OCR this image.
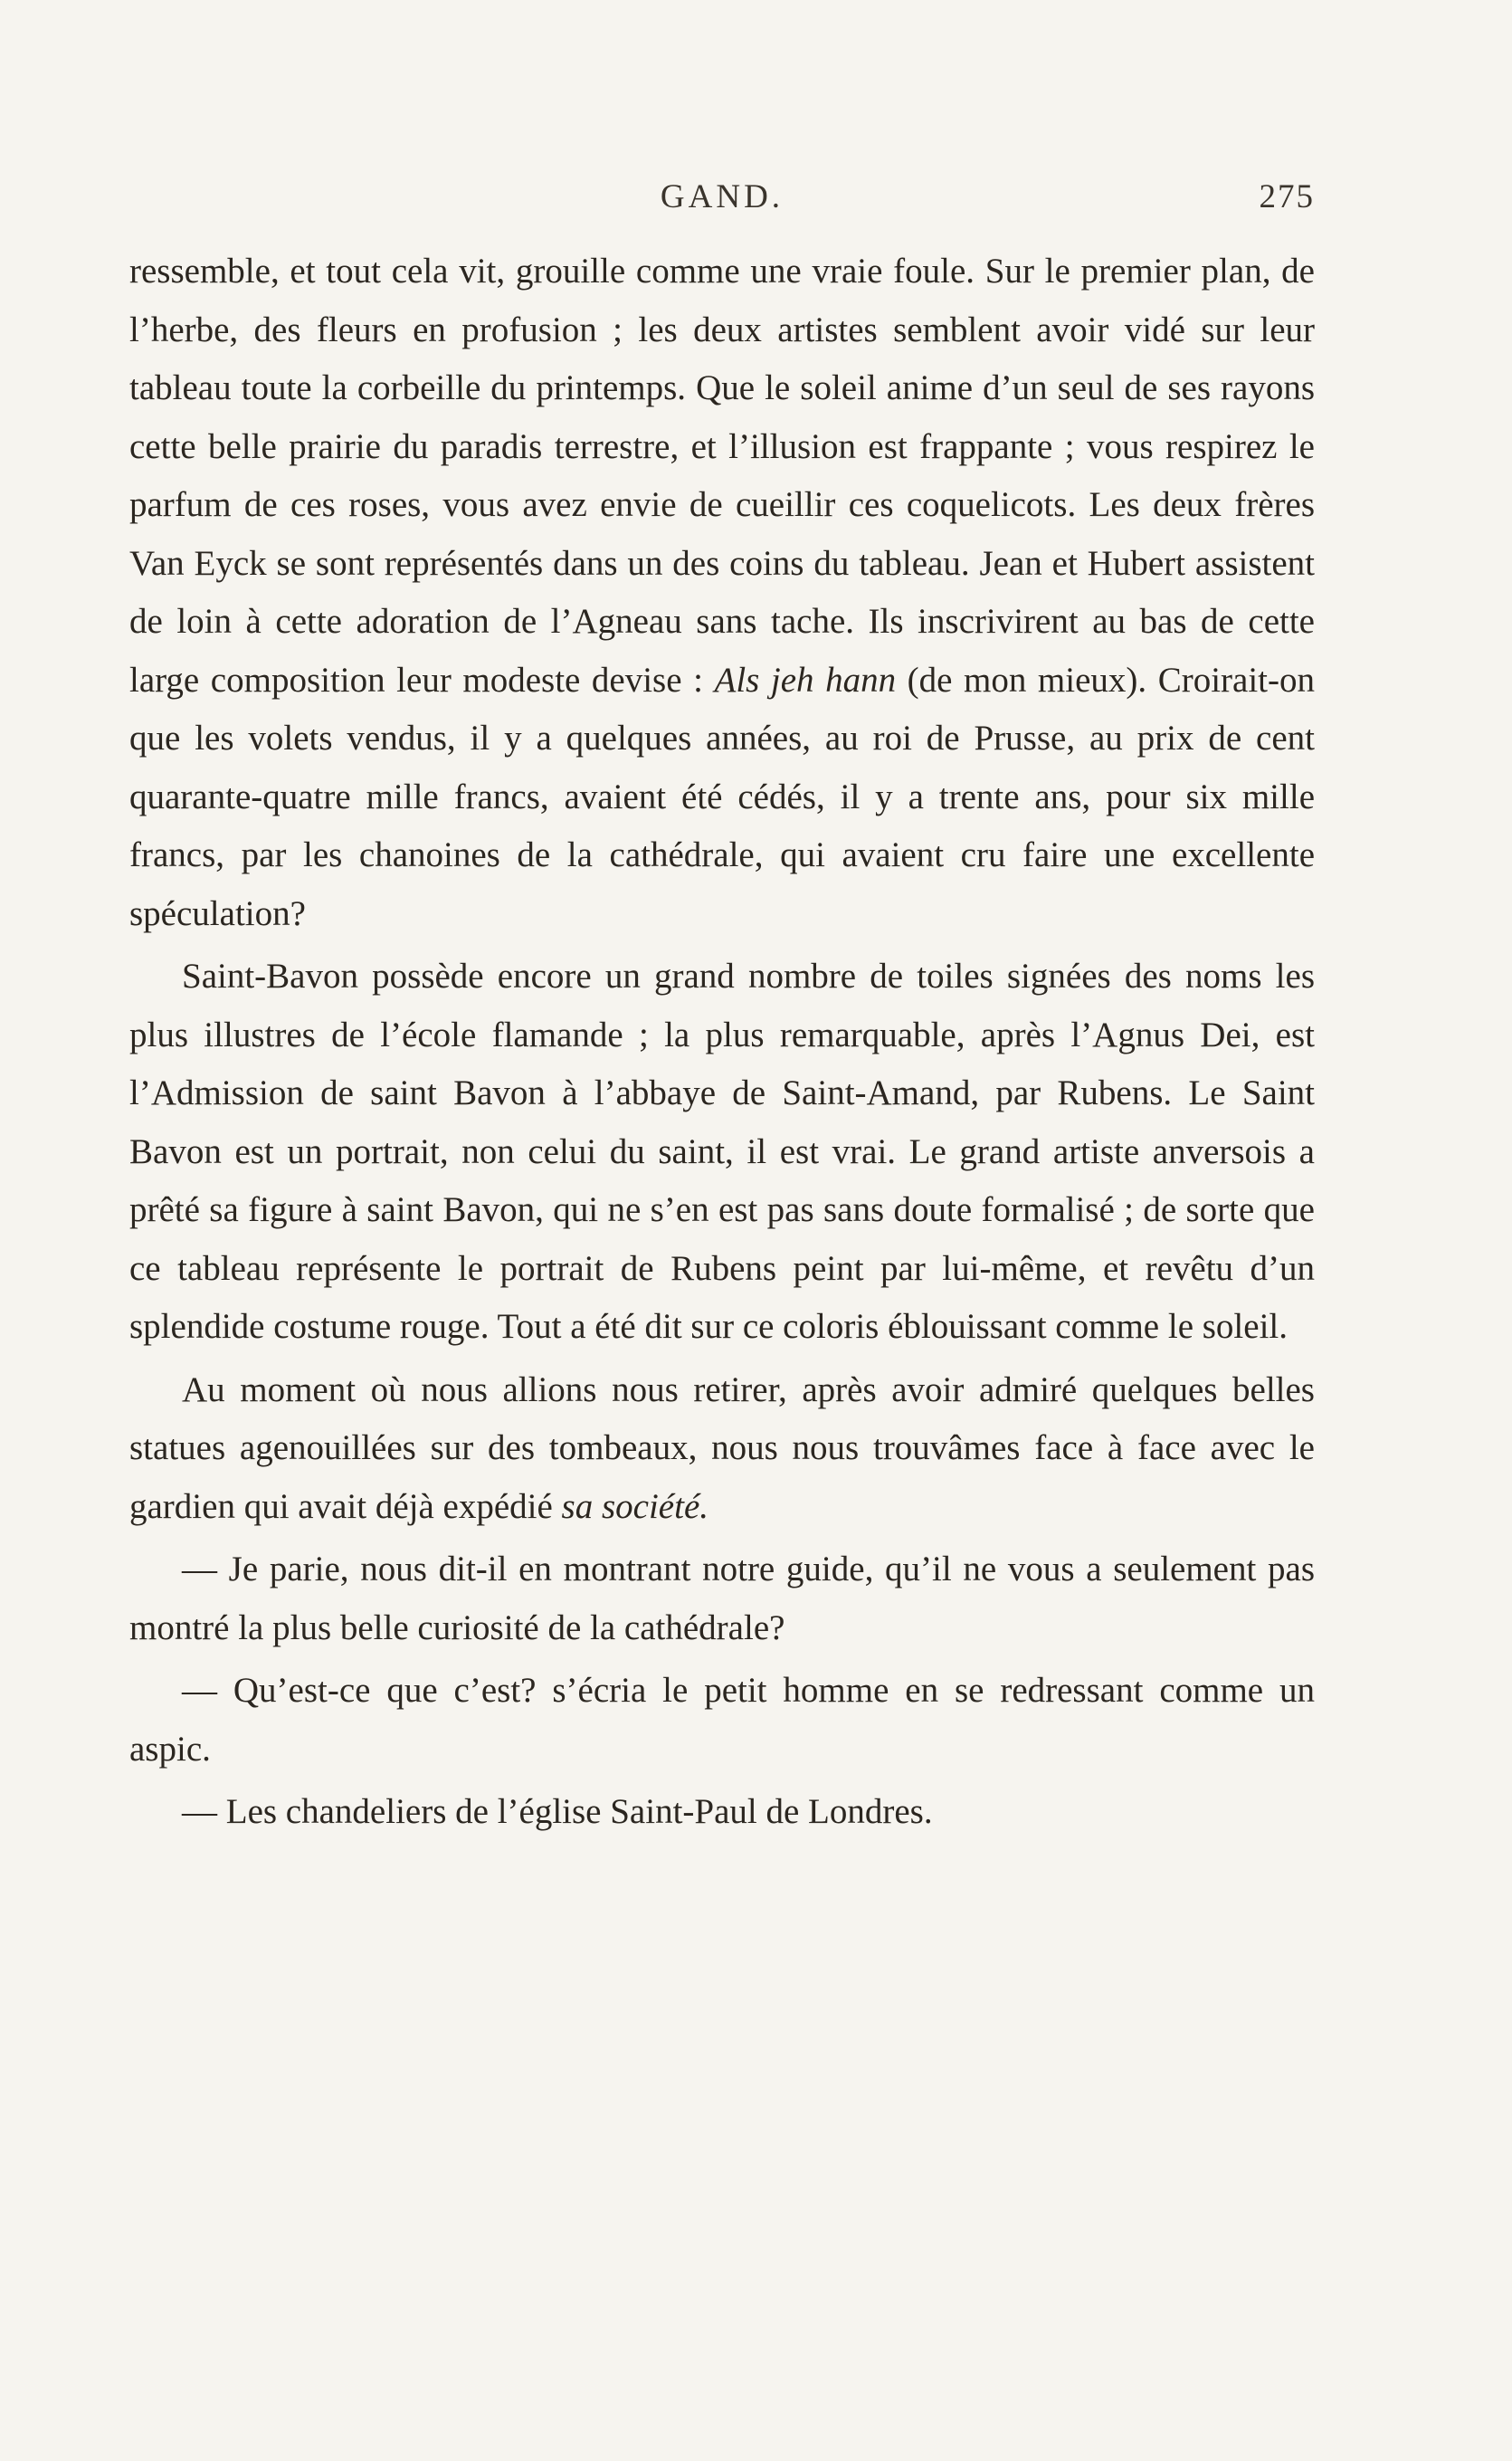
GAND.	275

ressemble, et tout cela vit, grouille comme une vraie foule. Sur le premier plan, de l’herbe, des fleurs en profusion ; les deux artistes semblent avoir vidé sur leur tableau toute la corbeille du printemps. Que le soleil anime d’un seul de ses rayons cette belle prairie du paradis terrestre, et l’illusion est frappante ; vous respirez le parfum de ces roses, vous avez envie de cueillir ces coquelicots. Les deux frères Van Eyck se sont représentés dans un des coins du tableau. Jean et Hubert assistent de loin à cette adoration de l’Agneau sans tache. Ils inscrivirent au bas de cette large composition leur modeste devise : Als jeh hann (de mon mieux). Croirait-on que les volets vendus, il y a quelques années, au roi de Prusse, au prix de cent quarante-quatre mille francs, avaient été cédés, il y a trente ans, pour six mille francs, par les chanoines de la cathédrale, qui avaient cru faire une excellente spéculation?

Saint-Bavon possède encore un grand nombre de toiles signées des noms les plus illustres de l’école flamande ; la plus remarquable, après l’Agnus Dei, est l’Admission de saint Bavon à l’abbaye de Saint-Amand, par Rubens. Le Saint Bavon est un portrait, non celui du saint, il est vrai. Le grand artiste anversois a prêté sa figure à saint Bavon, qui ne s’en est pas sans doute formalisé ; de sorte que ce tableau représente le portrait de Rubens peint par lui-même, et revêtu d’un splendide costume rouge. Tout a été dit sur ce coloris éblouissant comme le soleil.

Au moment où nous allions nous retirer, après avoir admiré quelques belles statues agenouillées sur des tombeaux, nous nous trouvâmes face à face avec le gardien qui avait déjà expédié sa société.

— Je parie, nous dit-il en montrant notre guide, qu’il ne vous a seulement pas montré la plus belle curiosité de la cathédrale?

— Qu’est-ce que c’est? s’écria le petit homme en se redressant comme un aspic.

— Les chandeliers de l’église Saint-Paul de Londres.
